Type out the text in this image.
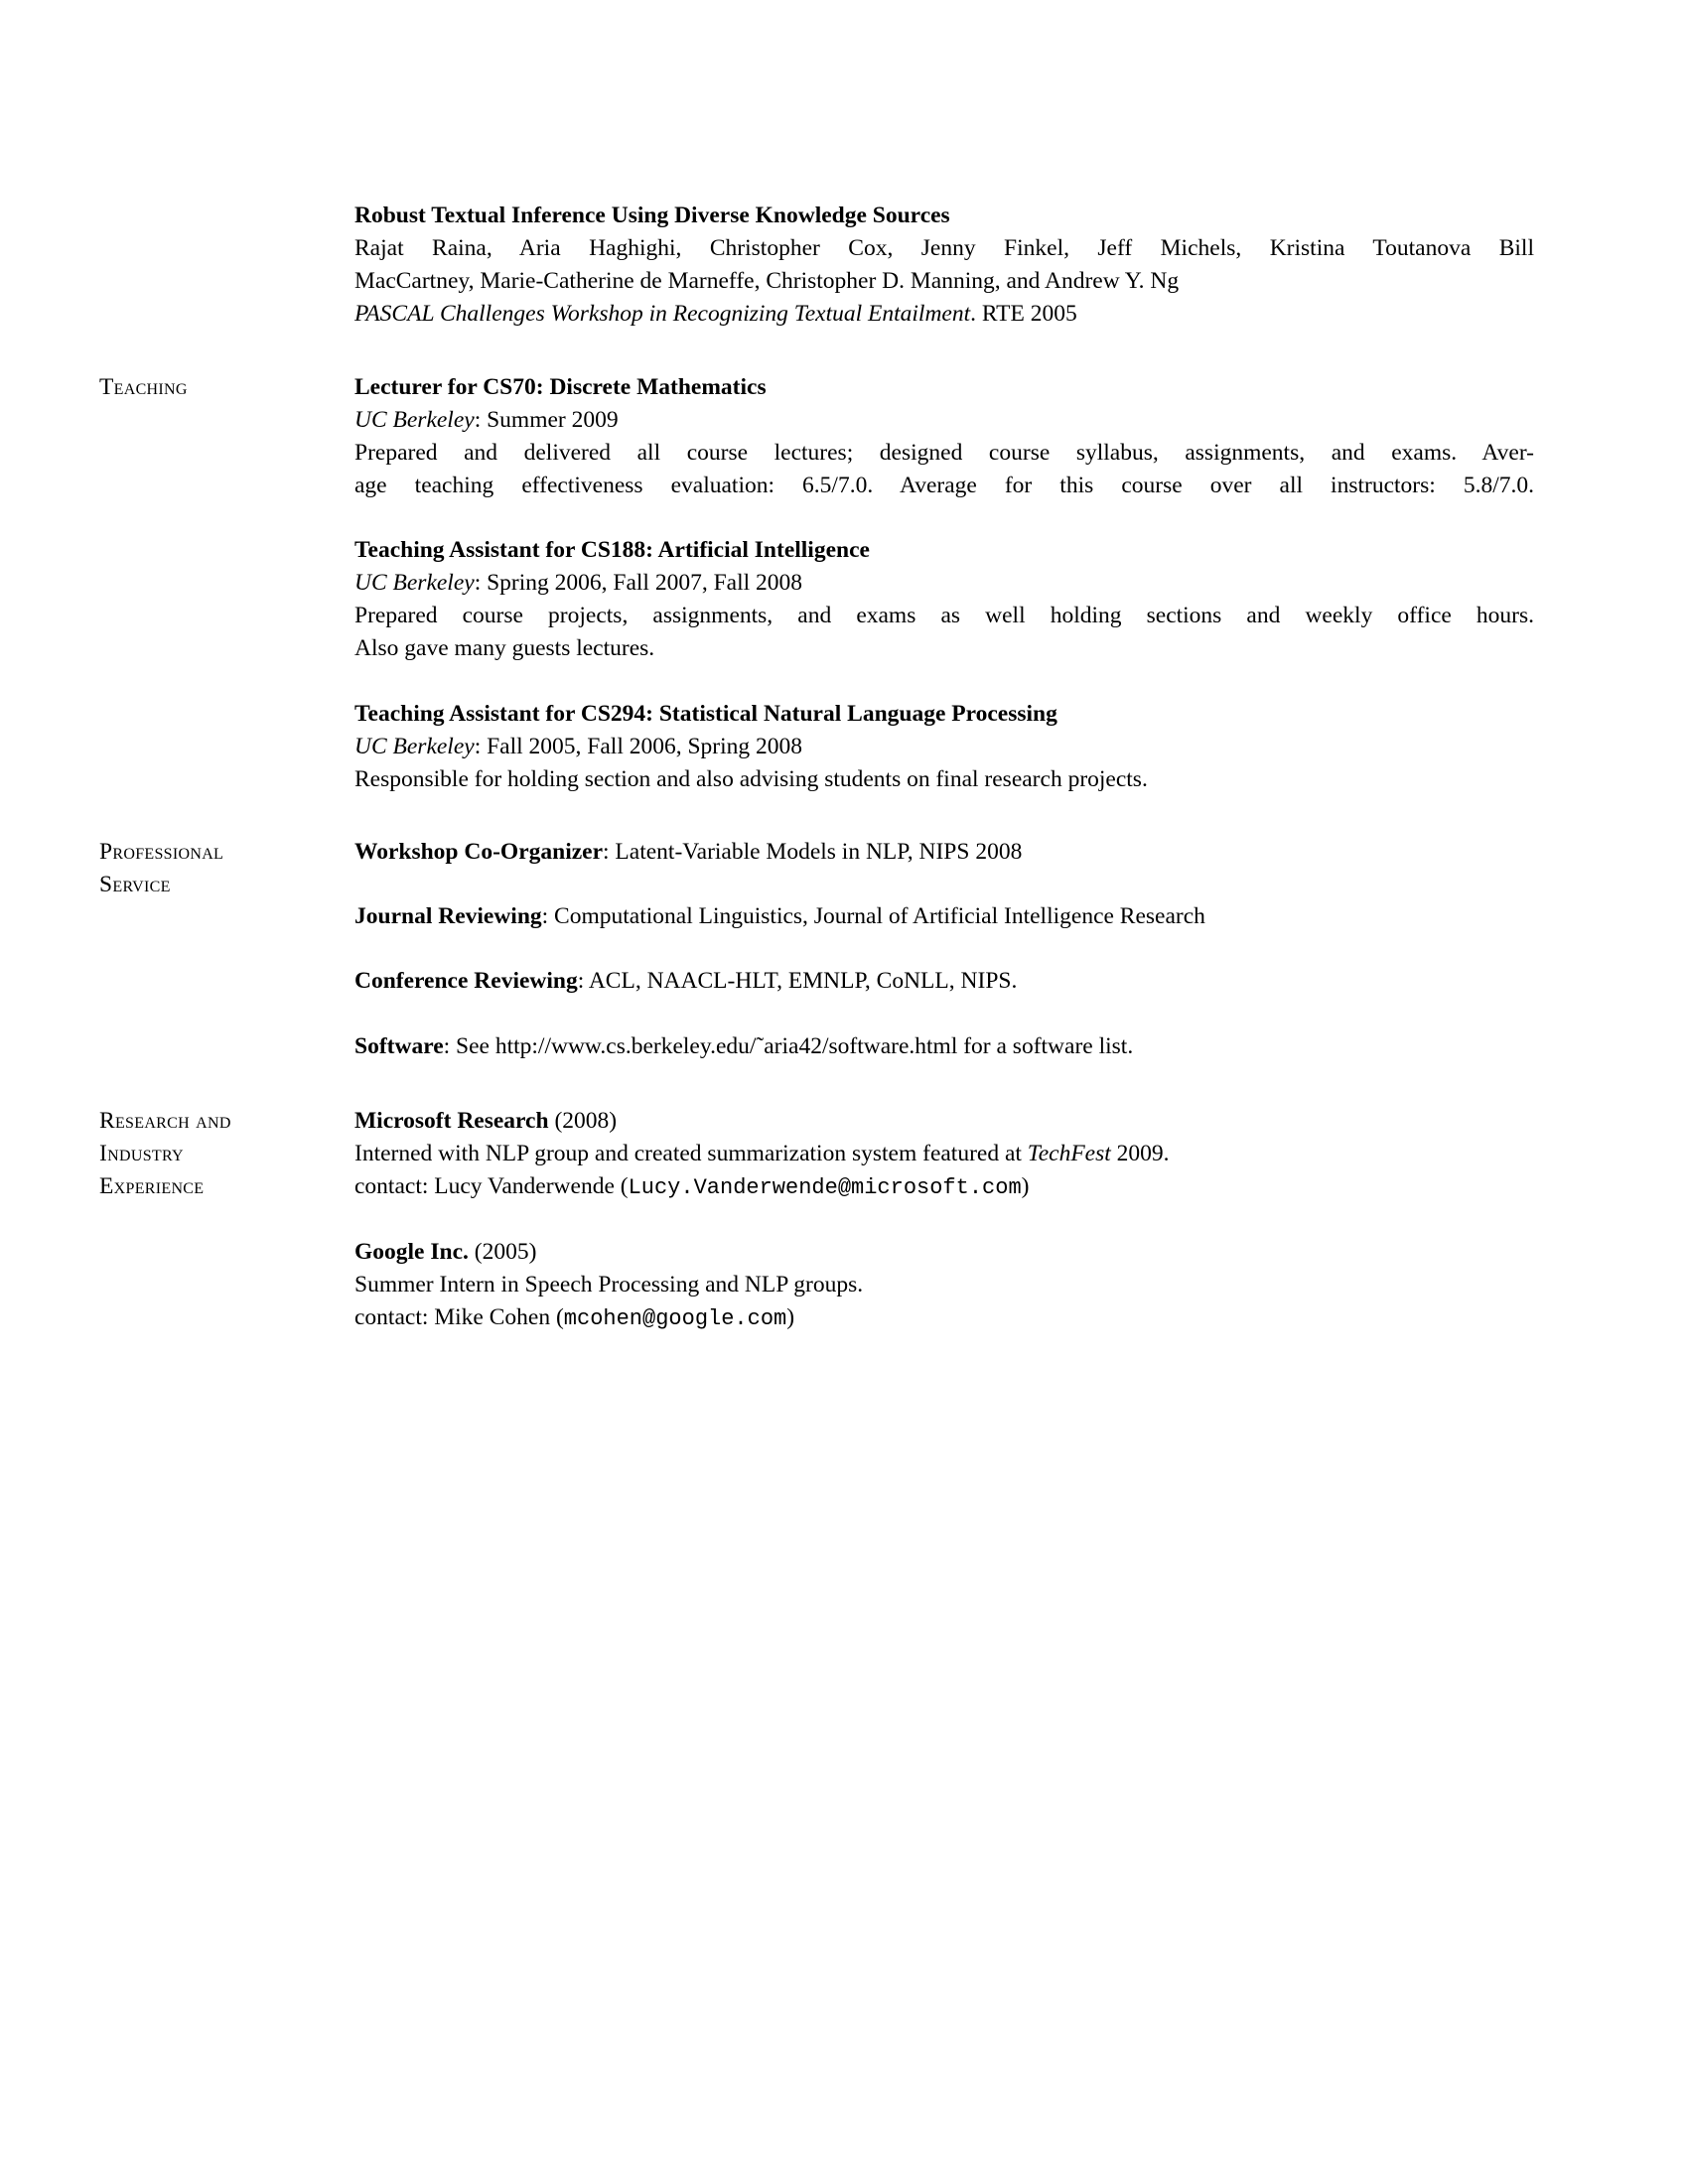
Robust Textual Inference Using Diverse Knowledge Sources
Rajat Raina, Aria Haghighi, Christopher Cox, Jenny Finkel, Jeff Michels, Kristina Toutanova Bill
MacCartney, Marie-Catherine de Marneffe, Christopher D. Manning, and Andrew Y. Ng
PASCAL Challenges Workshop in Recognizing Textual Entailment. RTE 2005
Teaching	Lecturer for CS70: Discrete Mathematics
UC Berkeley: Summer 2009
Prepared and delivered all course lectures; designed course syllabus, assignments, and exams. Aver-
age teaching effectiveness evaluation: 6.5/7.0. Average for this course over all instructors: 5.8/7.0.
Teaching Assistant for CS188: Artificial Intelligence
UC Berkeley: Spring 2006, Fall 2007, Fall 2008
Prepared course projects, assignments, and exams as well holding sections and weekly office hours.
Also gave many guests lectures.
Teaching Assistant for CS294: Statistical Natural Language Processing
UC Berkeley: Fall 2005, Fall 2006, Spring 2008
Responsible for holding section and also advising students on final research projects.
Professional
Service
Workshop Co-Organizer: Latent-Variable Models in NLP, NIPS 2008
Journal Reviewing: Computational Linguistics, Journal of Artificial Intelligence Research
Conference Reviewing: ACL, NAACL-HLT, EMNLP, CoNLL, NIPS.
Software: See http://www.cs.berkeley.edu/˜aria42/software.html for a software list.
Research and
Industry
Experience
Microsoft Research (2008)
Interned with NLP group and created summarization system featured at TechFest 2009.
contact: Lucy Vanderwende (Lucy.Vanderwende@microsoft.com)
Google Inc. (2005)
Summer Intern in Speech Processing and NLP groups.
contact: Mike Cohen (mcohen@google.com)
